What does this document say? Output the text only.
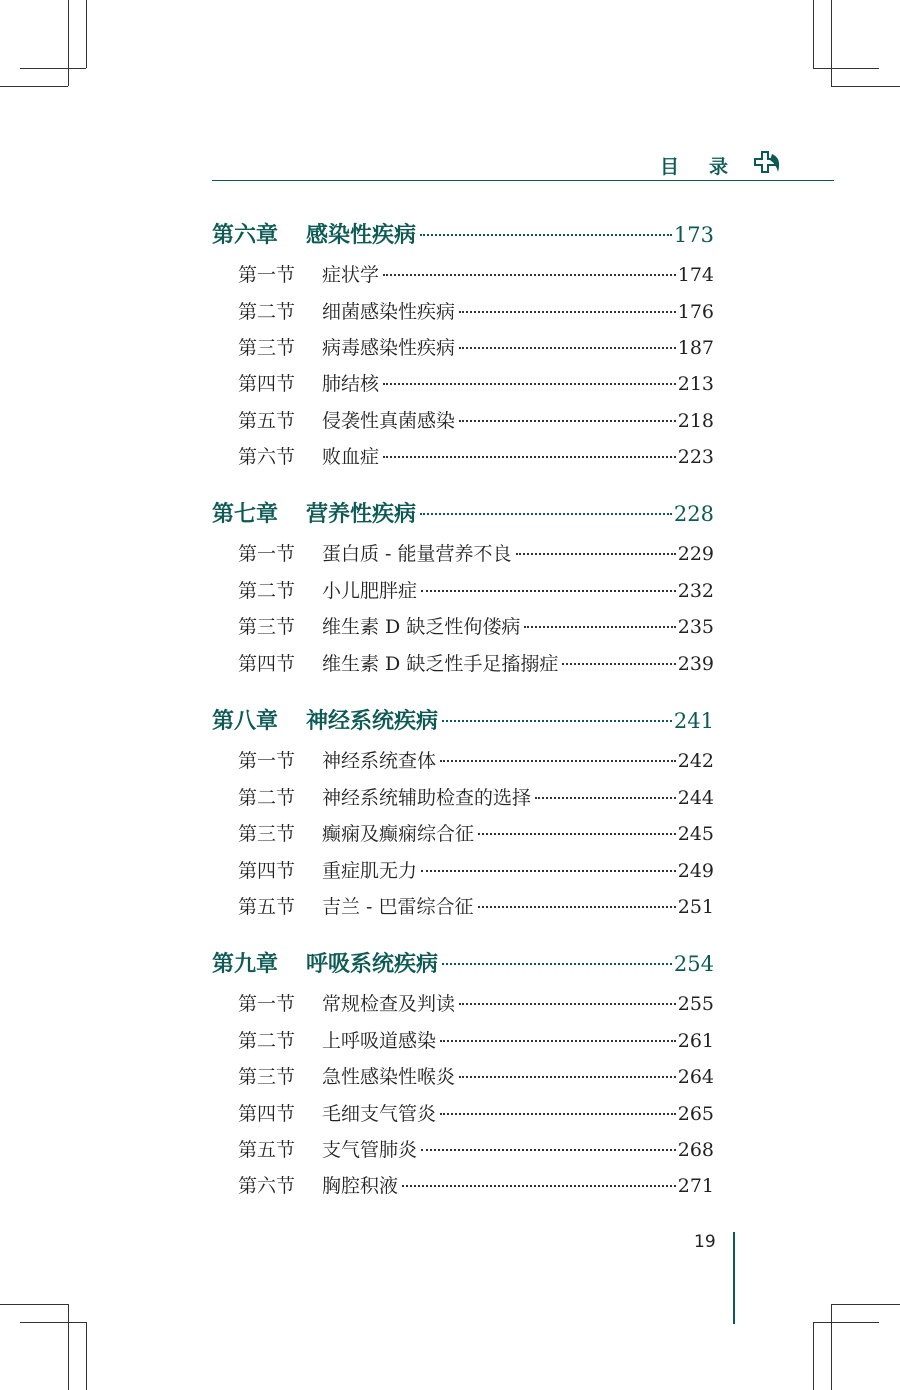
目 录
第六章	感染性疾病	173
第一节	症状学	174
第二节	细菌感染性疾病	176
第三节	病毒感染性疾病	187
第四节	肺结核	213
第五节	侵袭性真菌感染	218
第六节	败血症	223
第七章	营养性疾病	228
第一节	蛋白质 - 能量营养不良	229
第二节	小儿肥胖症	232
第三节	维生素 D 缺乏性佝偻病	235
第四节	维生素 D 缺乏性手足搐搦症	239
第八章	神经系统疾病	241
第一节	神经系统查体	242
第二节	神经系统辅助检查的选择	244
第三节	癫痫及癫痫综合征	245
第四节	重症肌无力	249
第五节	吉兰 - 巴雷综合征	251
第九章	呼吸系统疾病	254
第一节	常规检查及判读	255
第二节	上呼吸道感染	261
第三节	急性感染性喉炎	264
第四节	毛细支气管炎	265
第五节	支气管肺炎	268
第六节	胸腔积液	271
19
